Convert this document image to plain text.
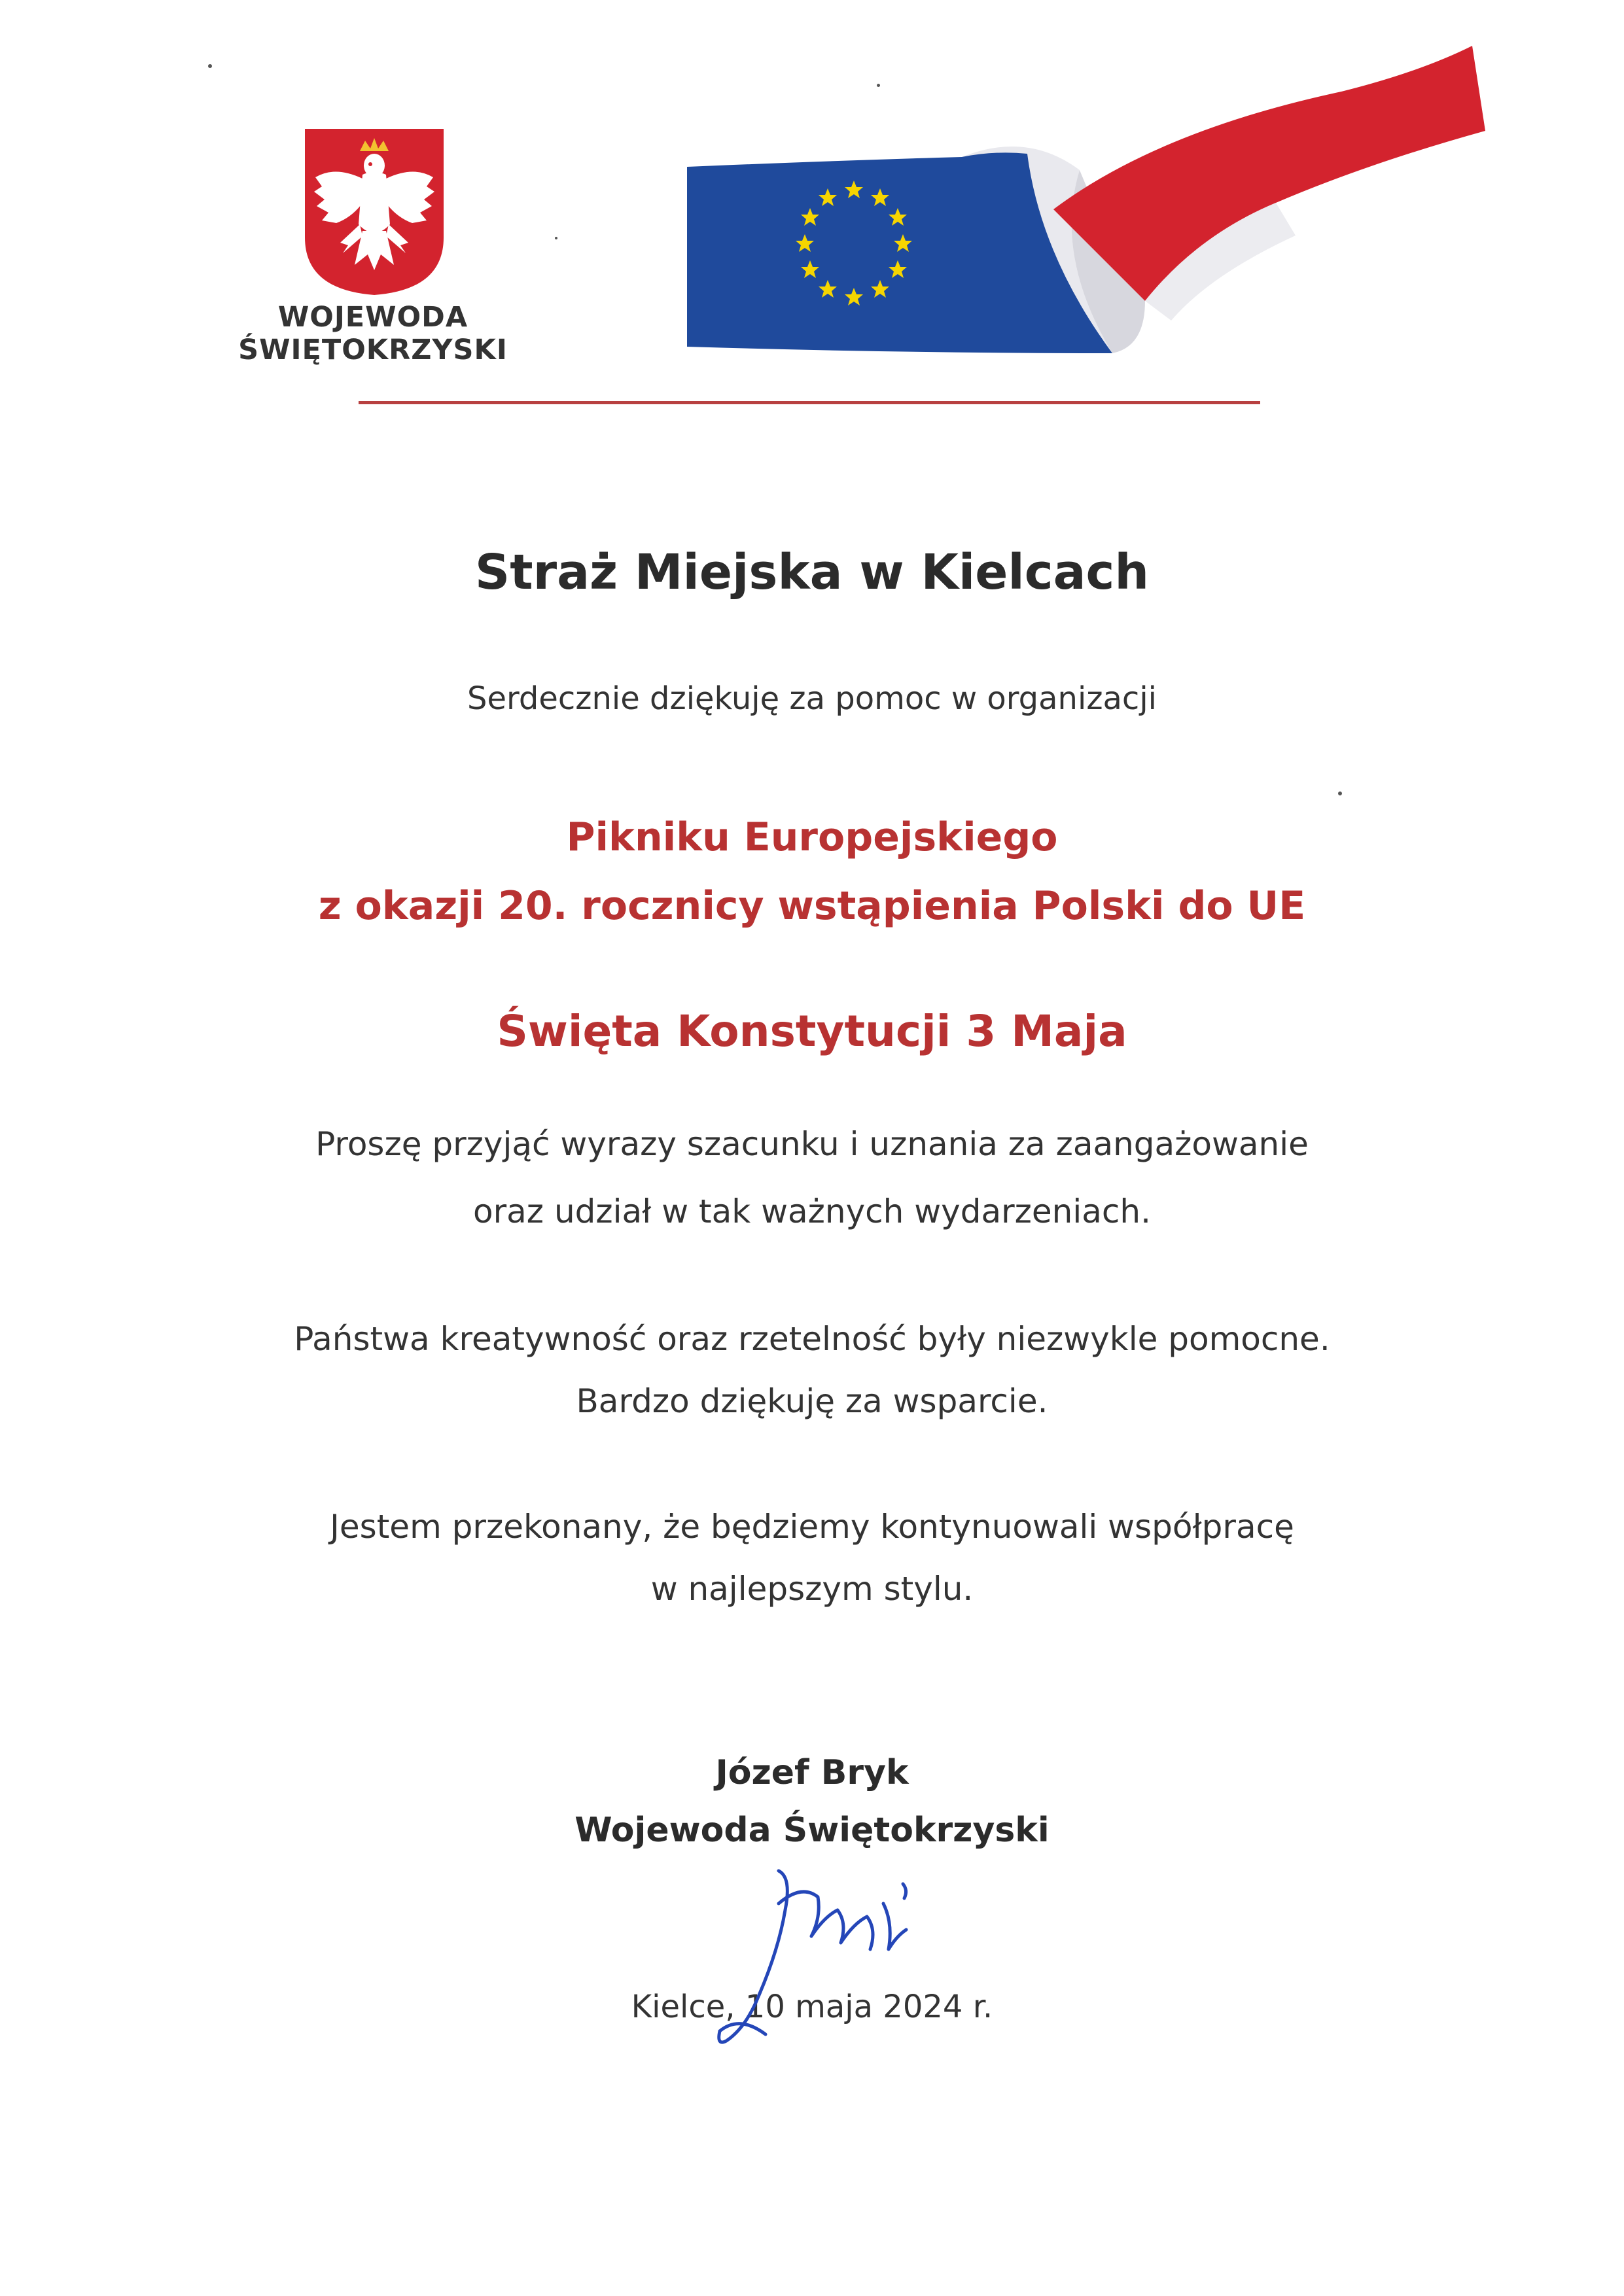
WOJEWODA
ŚWIĘTOKRZYSKI
Straż Miejska w Kielcach
Serdecznie dziękuję za pomoc w organizacji
Pikniku Europejskiego
z okazji 20. rocznicy wstąpienia Polski do UE
Święta Konstytucji 3 Maja
Proszę przyjąć wyrazy szacunku i uznania za zaangażowanie
oraz udział w tak ważnych wydarzeniach.
Państwa kreatywność oraz rzetelność były niezwykle pomocne.
Bardzo dziękuję za wsparcie.
Jestem przekonany, że będziemy kontynuowali współpracę
w najlepszym stylu.
Józef Bryk
Wojewoda Świętokrzyski
Kielce, 10 maja 2024 r.
